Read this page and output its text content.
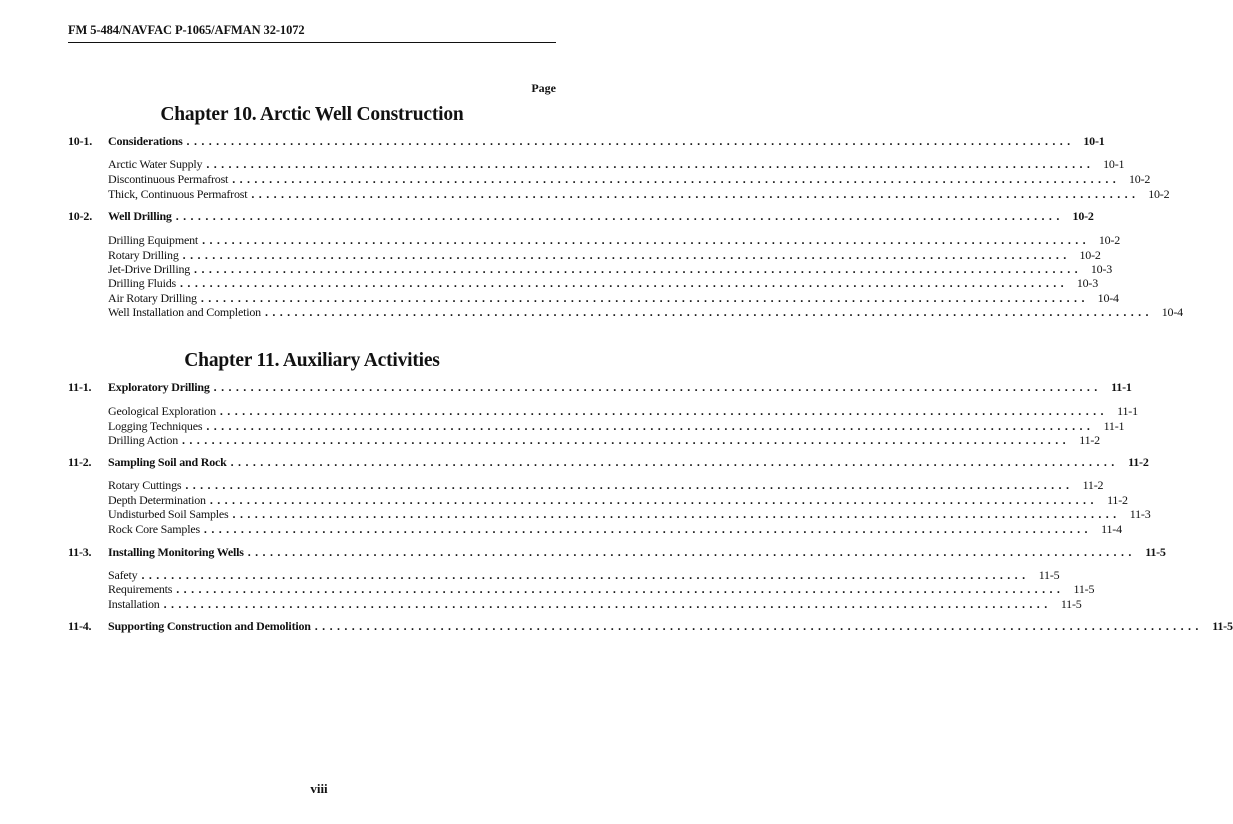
FM 5-484/NAVFAC P-1065/AFMAN 32-1072
Page
Chapter 10. Arctic Well Construction
10-1.	Considerations ........................................................................................................................ 10-1
Arctic Water Supply ........................................................................................................................ 10-1
Discontinuous Permafrost ........................................................................................................................ 10-2
Thick, Continuous Permafrost ........................................................................................................................ 10-2
10-2.	Well Drilling ........................................................................................................................ 10-2
Drilling Equipment ........................................................................................................................ 10-2
Rotary Drilling ........................................................................................................................ 10-2
Jet-Drive Drilling ........................................................................................................................ 10-3
Drilling Fluids ........................................................................................................................ 10-3
Air Rotary Drilling ........................................................................................................................ 10-4
Well Installation and Completion ........................................................................................................................ 10-4
Chapter 11. Auxiliary Activities
11-1.	Exploratory Drilling ........................................................................................................................ 11-1
Geological Exploration ........................................................................................................................ 11-1
Logging Techniques ........................................................................................................................ 11-1
Drilling Action ........................................................................................................................ 11-2
11-2.	Sampling Soil and Rock ........................................................................................................................ 11-2
Rotary Cuttings ........................................................................................................................ 11-2
Depth Determination ........................................................................................................................ 11-2
Undisturbed Soil Samples ........................................................................................................................ 11-3
Rock Core Samples ........................................................................................................................ 11-4
11-3.	Installing Monitoring Wells ........................................................................................................................ 11-5
Safety ........................................................................................................................ 11-5
Requirements ........................................................................................................................ 11-5
Installation ........................................................................................................................ 11-5
11-4.	Supporting Construction and Demolition ........................................................................................................................ 11-5
viii
